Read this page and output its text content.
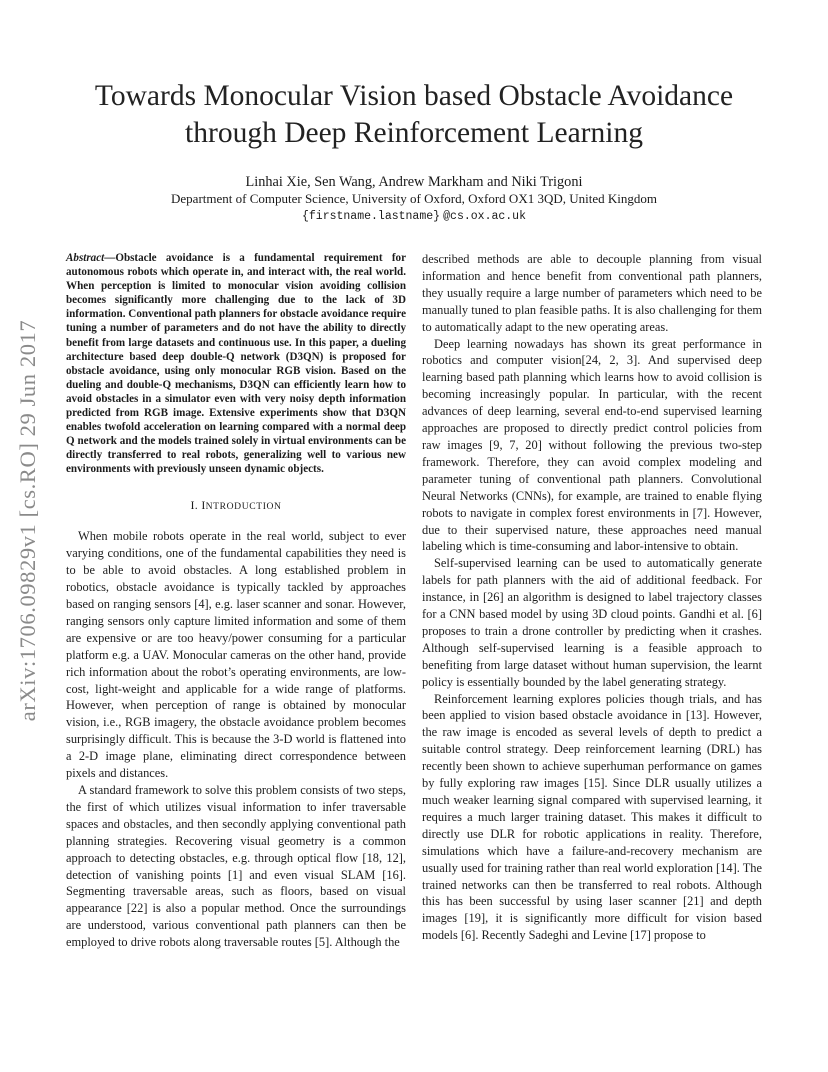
arXiv:1706.09829v1 [cs.RO] 29 Jun 2017
Towards Monocular Vision based Obstacle Avoidance through Deep Reinforcement Learning
Linhai Xie, Sen Wang, Andrew Markham and Niki Trigoni
Department of Computer Science, University of Oxford, Oxford OX1 3QD, United Kingdom
{firstname.lastname} @cs.ox.ac.uk

Abstract—Obstacle avoidance is a fundamental requirement for autonomous robots which operate in, and interact with, the real world. When perception is limited to monocular vision avoiding collision becomes significantly more challenging due to the lack of 3D information. Conventional path planners for obstacle avoidance require tuning a number of parameters and do not have the ability to directly benefit from large datasets and continuous use. In this paper, a dueling architecture based deep double-Q network (D3QN) is proposed for obstacle avoidance, using only monocular RGB vision. Based on the dueling and double-Q mechanisms, D3QN can efficiently learn how to avoid obstacles in a simulator even with very noisy depth information predicted from RGB image. Extensive experiments show that D3QN enables twofold acceleration on learning compared with a normal deep Q network and the models trained solely in virtual environments can be directly transferred to real robots, generalizing well to various new environments with previously unseen dynamic objects.

I. INTRODUCTION

When mobile robots operate in the real world, subject to ever varying conditions, one of the fundamental capabilities they need is to be able to avoid obstacles. A long established problem in robotics, obstacle avoidance is typically tackled by approaches based on ranging sensors [4], e.g. laser scanner and sonar. However, ranging sensors only capture limited information and some of them are expensive or are too heavy/power consuming for a particular platform e.g. a UAV. Monocular cameras on the other hand, provide rich information about the robot’s operating environments, are low-cost, light-weight and applicable for a wide range of platforms. However, when perception of range is obtained by monocular vision, i.e., RGB imagery, the obstacle avoidance problem becomes surprisingly difficult. This is because the 3-D world is flattened into a 2-D image plane, eliminating direct correspondence between pixels and distances.

A standard framework to solve this problem consists of two steps, the first of which utilizes visual information to infer traversable spaces and obstacles, and then secondly applying conventional path planning strategies. Recovering visual geometry is a common approach to detecting obstacles, e.g. through optical flow [18, 12], detection of vanishing points [1] and even visual SLAM [16]. Segmenting traversable areas, such as floors, based on visual appearance [22] is also a popular method. Once the surroundings are understood, various conventional path planners can then be employed to drive robots along traversable routes [5]. Although the

described methods are able to decouple planning from visual information and hence benefit from conventional path planners, they usually require a large number of parameters which need to be manually tuned to plan feasible paths. It is also challenging for them to automatically adapt to the new operating areas.

Deep learning nowadays has shown its great performance in robotics and computer vision[24, 2, 3]. And supervised deep learning based path planning which learns how to avoid collision is becoming increasingly popular. In particular, with the recent advances of deep learning, several end-to-end supervised learning approaches are proposed to directly predict control policies from raw images [9, 7, 20] without following the previous two-step framework. Therefore, they can avoid complex modeling and parameter tuning of conventional path planners. Convolutional Neural Networks (CNNs), for example, are trained to enable flying robots to navigate in complex forest environments in [7]. However, due to their supervised nature, these approaches need manual labeling which is time-consuming and labor-intensive to obtain.

Self-supervised learning can be used to automatically generate labels for path planners with the aid of additional feedback. For instance, in [26] an algorithm is designed to label trajectory classes for a CNN based model by using 3D cloud points. Gandhi et al. [6] proposes to train a drone controller by predicting when it crashes. Although self-supervised learning is a feasible approach to benefiting from large dataset without human supervision, the learnt policy is essentially bounded by the label generating strategy.

Reinforcement learning explores policies though trials, and has been applied to vision based obstacle avoidance in [13]. However, the raw image is encoded as several levels of depth to predict a suitable control strategy. Deep reinforcement learning (DRL) has recently been shown to achieve superhuman performance on games by fully exploring raw images [15]. Since DLR usually utilizes a much weaker learning signal compared with supervised learning, it requires a much larger training dataset. This makes it difficult to directly use DLR for robotic applications in reality. Therefore, simulations which have a failure-and-recovery mechanism are usually used for training rather than real world exploration [14]. The trained networks can then be transferred to real robots. Although this has been successful by using laser scanner [21] and depth images [19], it is significantly more difficult for vision based models [6]. Recently Sadeghi and Levine [17] propose to
